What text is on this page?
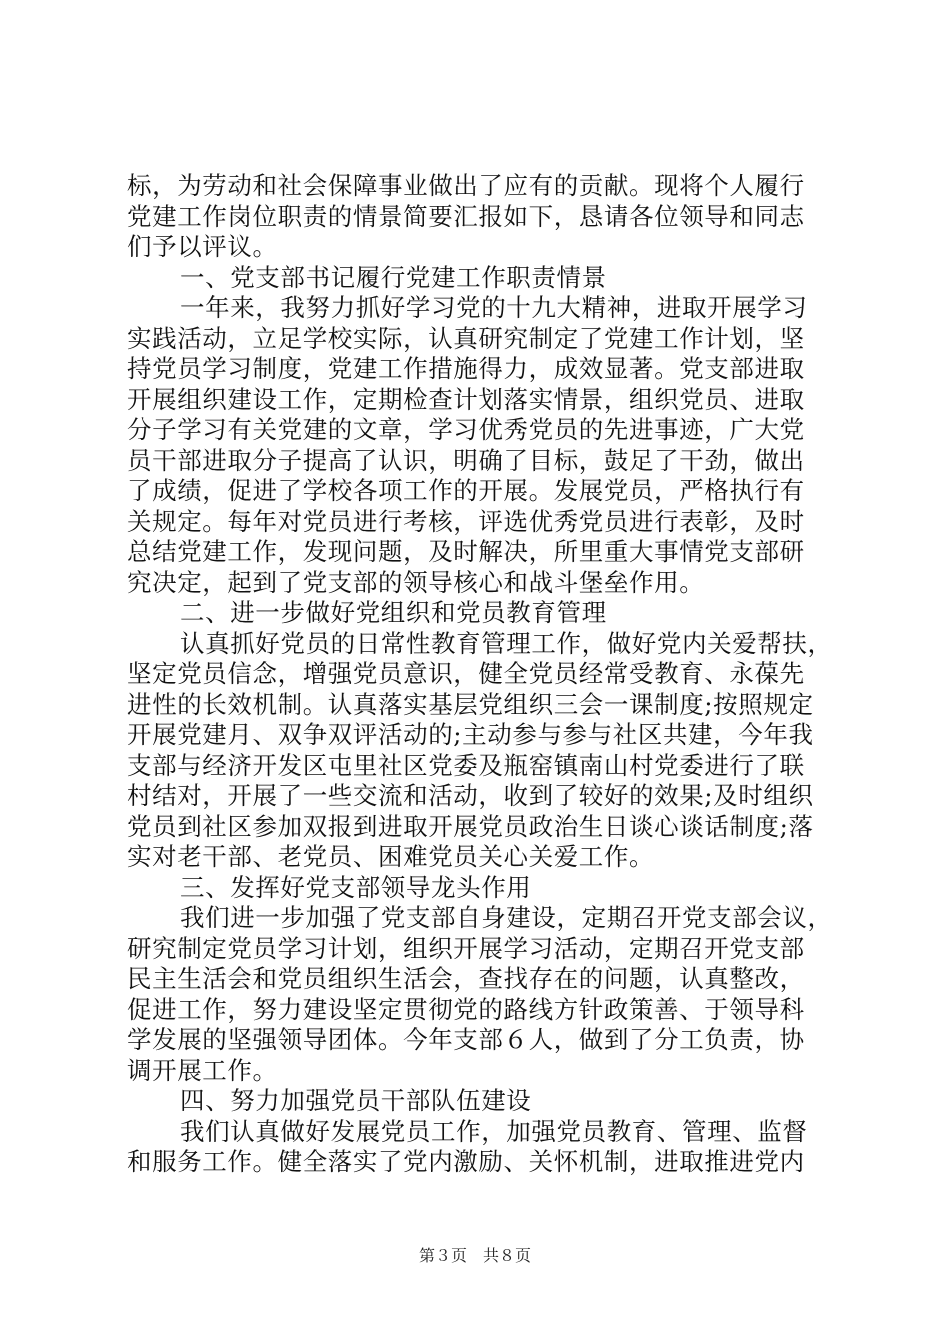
标，为劳动和社会保障事业做出了应有的贡献。现将个人履行
党建工作岗位职责的情景简要汇报如下，恳请各位领导和同志
们予以评议。
一、党支部书记履行党建工作职责情景
一年来，我努力抓好学习党的十九大精神，进取开展学习
实践活动，立足学校实际，认真研究制定了党建工作计划，坚
持党员学习制度，党建工作措施得力，成效显著。党支部进取
开展组织建设工作，定期检查计划落实情景，组织党员、进取
分子学习有关党建的文章，学习优秀党员的先进事迹，广大党
员干部进取分子提高了认识，明确了目标，鼓足了干劲，做出
了成绩，促进了学校各项工作的开展。发展党员，严格执行有
关规定。每年对党员进行考核，评选优秀党员进行表彰，及时
总结党建工作，发现问题，及时解决，所里重大事情党支部研
究决定，起到了党支部的领导核心和战斗堡垒作用。
二、进一步做好党组织和党员教育管理
认真抓好党员的日常性教育管理工作，做好党内关爱帮扶，
坚定党员信念，增强党员意识，健全党员经常受教育、永葆先
进性的长效机制。认真落实基层党组织三会一课制度;按照规定
开展党建月、双争双评活动的;主动参与参与社区共建，今年我
支部与经济开发区屯里社区党委及瓶窑镇南山村党委进行了联
村结对，开展了一些交流和活动，收到了较好的效果;及时组织
党员到社区参加双报到进取开展党员政治生日谈心谈话制度;落
实对老干部、老党员、困难党员关心关爱工作。
三、发挥好党支部领导龙头作用
我们进一步加强了党支部自身建设，定期召开党支部会议，
研究制定党员学习计划，组织开展学习活动，定期召开党支部
民主生活会和党员组织生活会，查找存在的问题，认真整改，
促进工作，努力建设坚定贯彻党的路线方针政策善、于领导科
学发展的坚强领导团体。今年支部６人，做到了分工负责，协
调开展工作。
四、努力加强党员干部队伍建设
我们认真做好发展党员工作，加强党员教育、管理、监督
和服务工作。健全落实了党内激励、关怀机制，进取推进党内
第３页　共８页
